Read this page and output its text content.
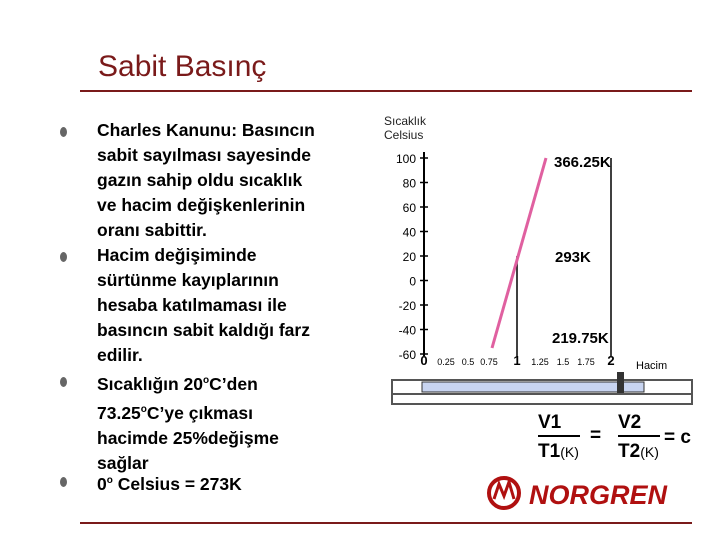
Sabit Basınç
Charles Kanunu: Basıncın
sabit sayılması sayesinde
gazın sahip oldu sıcaklık
ve hacim değişkenlerinin
oranı sabittir.
Hacim değişiminde
sürtünme kayıplarının
hesaba katılmaması ile
basıncın sabit kaldığı farz
edilir.
Sıcaklığın 20$^o$C’den
73.25$^o$C’ye çıkması
hacimde 25%değişme
sağlar
0$^o$ Celsius = 273K
Sıcaklık
Celsius
100
80
60
40
20
0
-20
-40
-60 0 0.25 0.5 0.75 1 1.25 1.5 1.75 2
366.25K
293K
219.75K
Hacim
V1
T1(K)
=
V2
T2(K)
= c
NORGREN
